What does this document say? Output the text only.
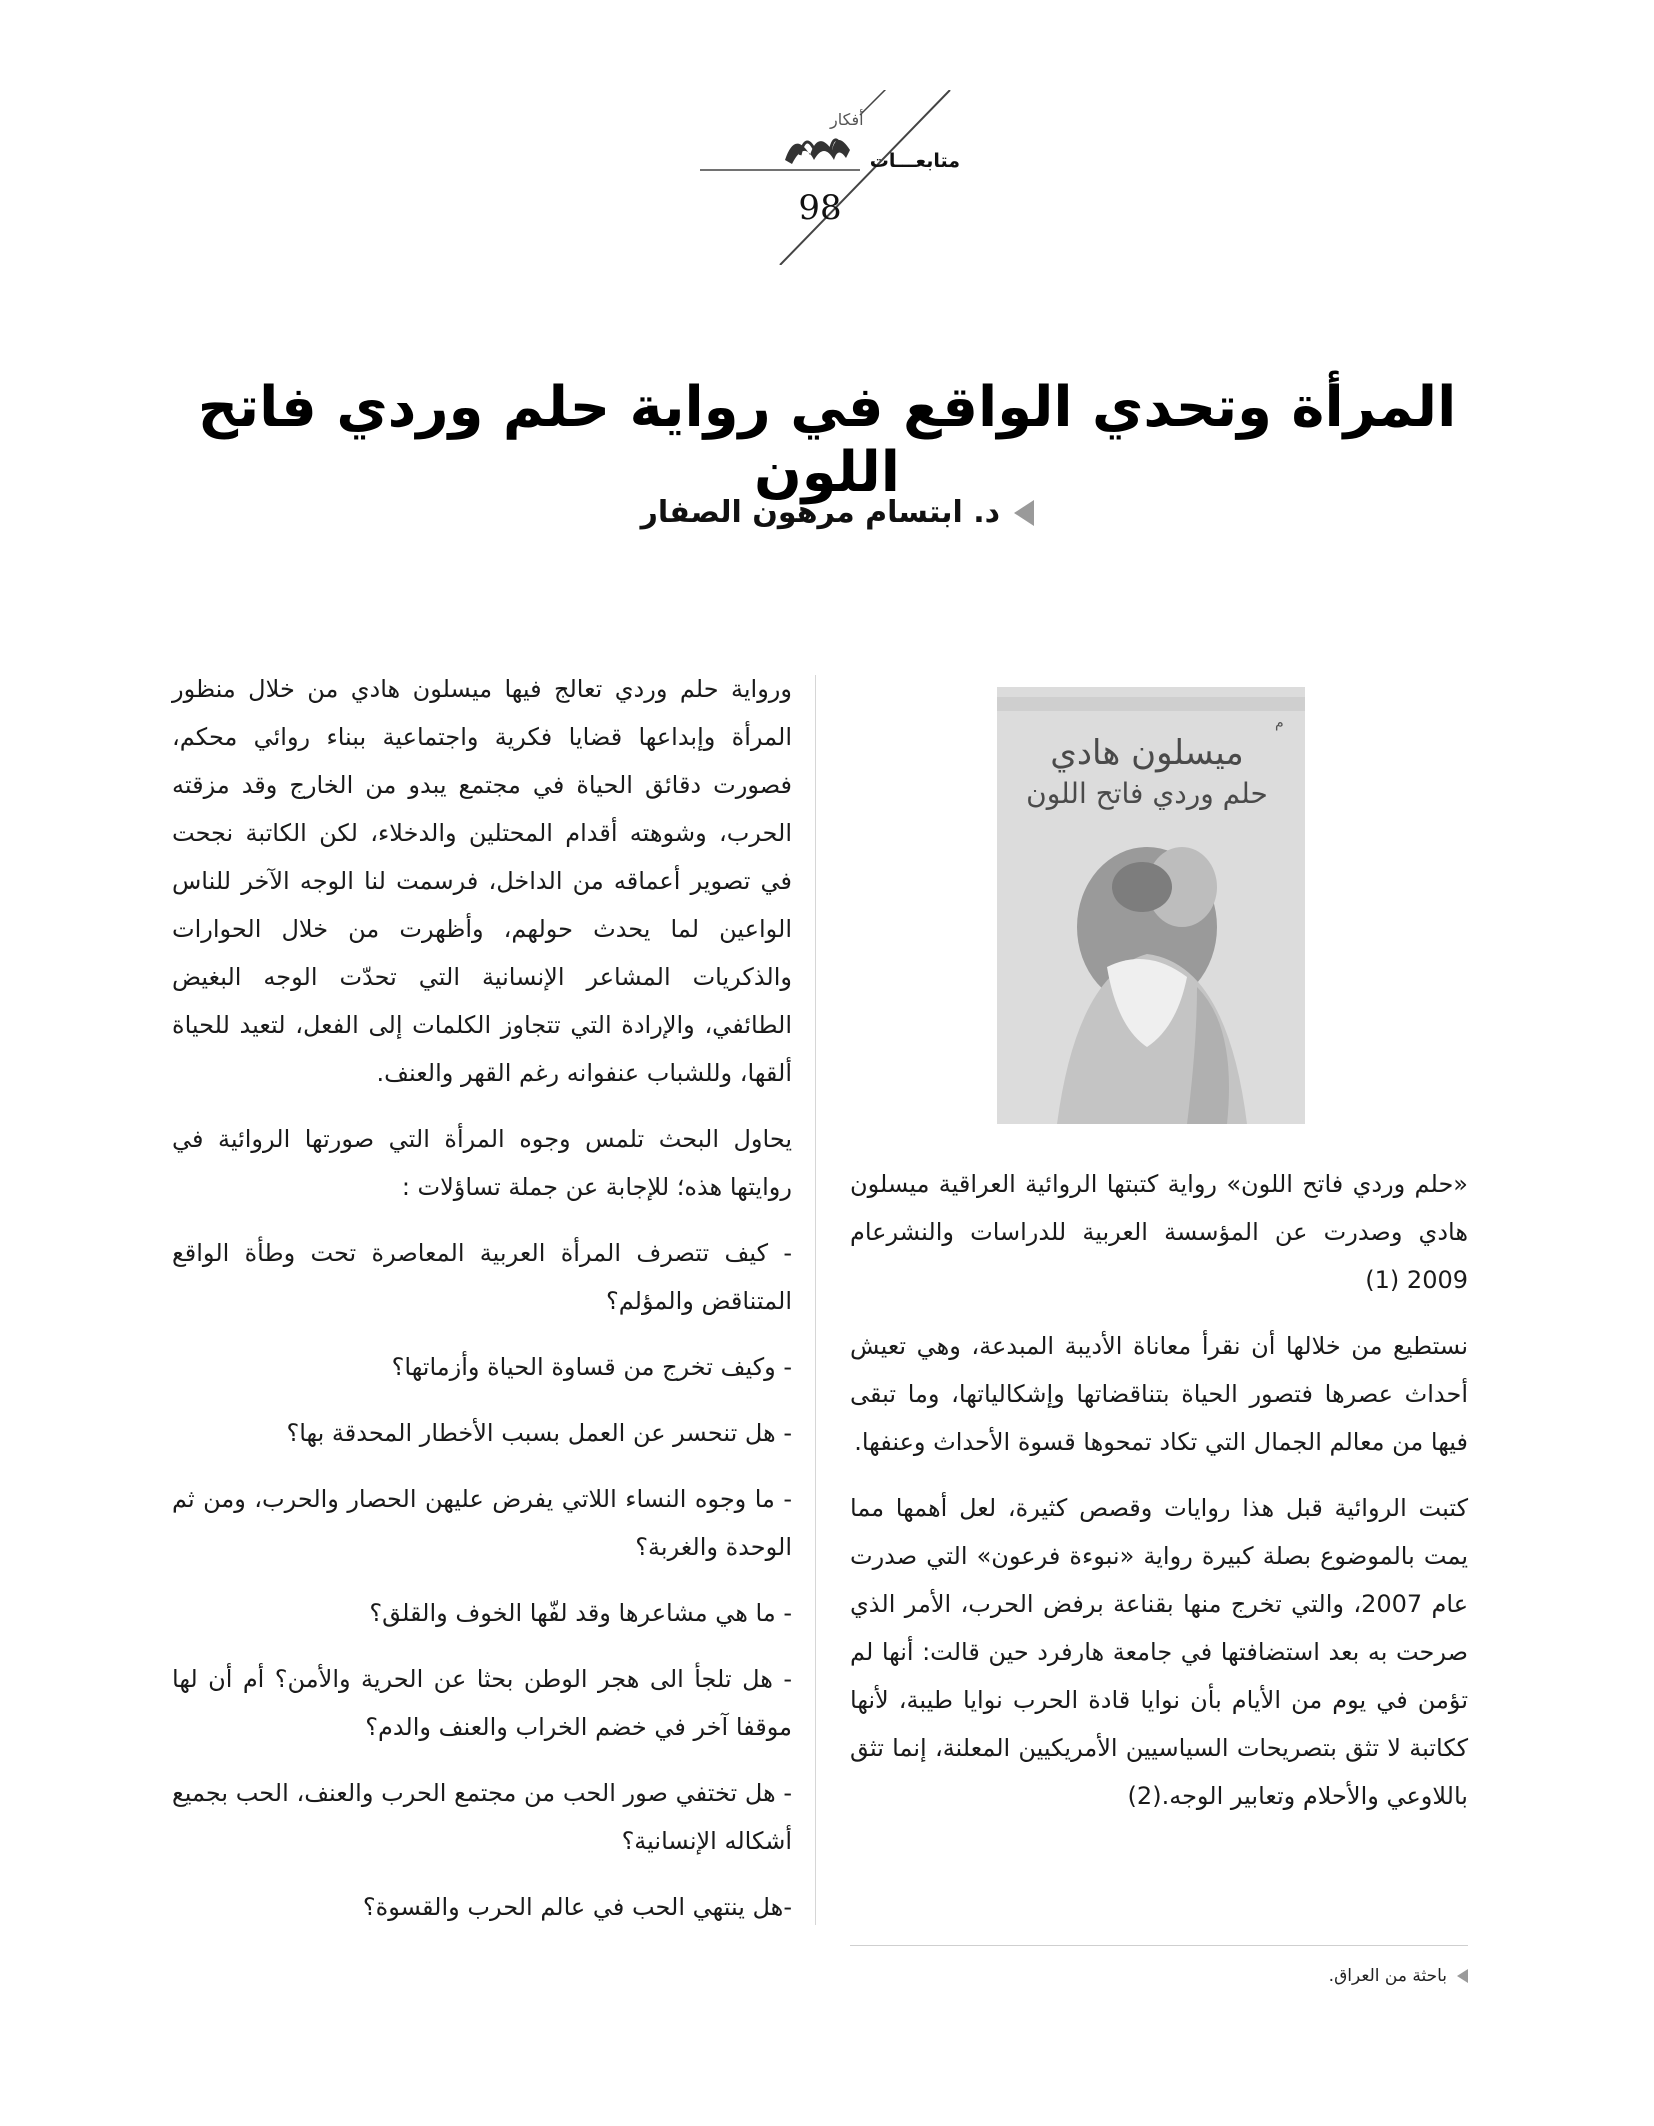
أفكار
متابعـــات
98
المرأة وتحدي الواقع في رواية حلم وردي فاتح اللون
د. ابتسام مرهون الصفار
م
ميسلون هادي
حلم وردي فاتح اللون

ورواية حلم وردي تعالج فيها ميسلون هادي من خلال منظور المرأة وإبداعها قضايا فكرية واجتماعية ببناء روائي محكم، فصورت دقائق الحياة في مجتمع يبدو من الخارج وقد مزقته الحرب، وشوهته أقدام المحتلين والدخلاء، لكن الكاتبة نجحت في تصوير أعماقه من الداخل، فرسمت لنا الوجه الآخر للناس الواعين لما يحدث حولهم، وأظهرت من خلال الحوارات والذكريات المشاعر الإنسانية التي تحدّت الوجه البغيض الطائفي، والإرادة التي تتجاوز الكلمات إلى الفعل، لتعيد للحياة ألقها، وللشباب عنفوانه رغم القهر والعنف.

يحاول البحث تلمس وجوه المرأة التي صورتها الروائية في روايتها هذه؛ للإجابة عن جملة تساؤلات :

- كيف تتصرف المرأة العربية المعاصرة تحت وطأة الواقع المتناقض والمؤلم؟

- وكيف تخرج من قساوة الحياة وأزماتها؟

- هل تنحسر عن العمل بسبب الأخطار المحدقة بها؟

- ما وجوه النساء اللاتي يفرض عليهن الحصار والحرب، ومن ثم الوحدة والغربة؟

- ما هي مشاعرها وقد لفّها الخوف والقلق؟

- هل تلجأ الى هجر الوطن بحثا عن الحرية والأمن؟ أم أن لها موقفا آخر في خضم الخراب والعنف والدم؟

- هل تختفي صور الحب من مجتمع الحرب والعنف، الحب بجميع أشكاله الإنسانية؟

-هل ينتهي الحب في عالم الحرب والقسوة؟

«حلم وردي فاتح اللون» رواية كتبتها الروائية العراقية ميسلون هادي وصدرت عن المؤسسة العربية للدراسات والنشرعام 2009 (1)

نستطيع من خلالها أن نقرأ معاناة الأديبة المبدعة، وهي تعيش أحداث عصرها فتصور الحياة بتناقضاتها وإشكالياتها، وما تبقى فيها من معالم الجمال التي تكاد تمحوها قسوة الأحداث وعنفها.

كتبت الروائية قبل هذا روايات وقصص كثيرة، لعل أهمها مما يمت بالموضوع بصلة كبيرة رواية «نبوءة فرعون» التي صدرت عام 2007، والتي تخرج منها بقناعة برفض الحرب، الأمر الذي صرحت به بعد استضافتها في جامعة هارفرد حين قالت: أنها لم تؤمن في يوم من الأيام بأن نوايا قادة الحرب نوايا طيبة، لأنها ككاتبة لا تثق بتصريحات السياسيين الأمريكيين المعلنة، إنما تثق باللاوعي والأحلام وتعابير الوجه.(2)

باحثة من العراق.
